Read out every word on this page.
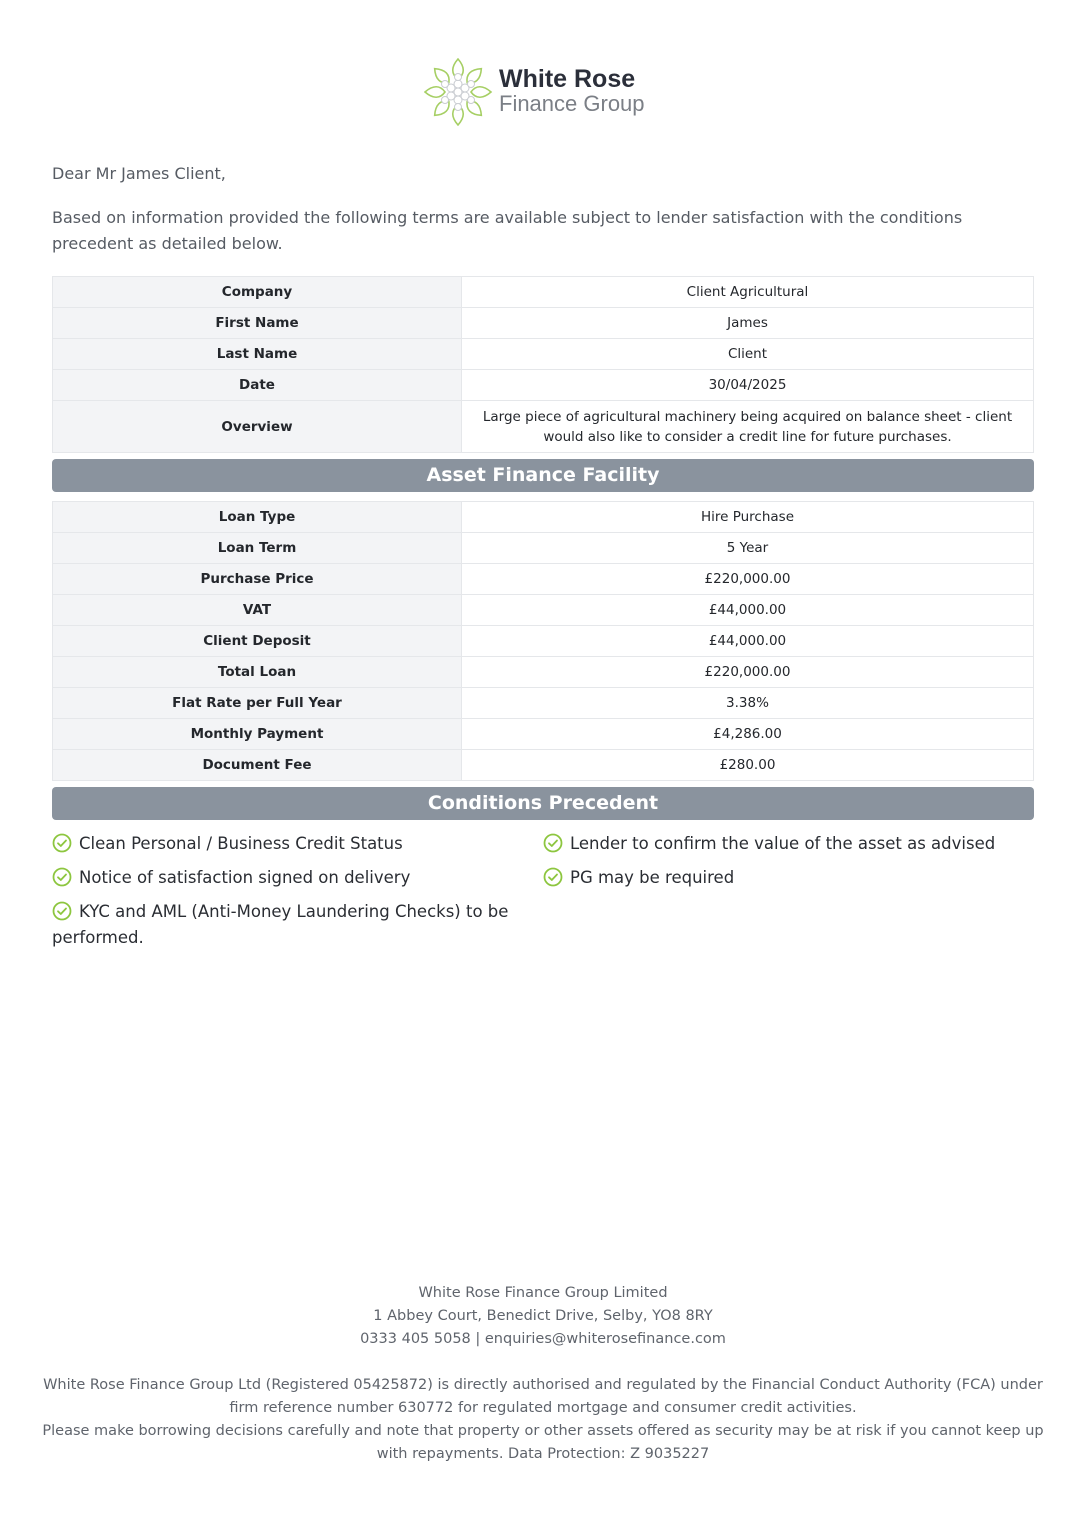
White Rose
Finance Group
Dear Mr James Client,
Based on information provided the following terms are available subject to lender satisfaction with the conditions precedent as detailed below.
Company	Client Agricultural
First Name	James
Last Name	Client
Date	30/04/2025
Overview	Large piece of agricultural machinery being acquired on balance sheet - client would also like to consider a credit line for future purchases.
Asset Finance Facility
Loan Type	Hire Purchase
Loan Term	5 Year
Purchase Price	£220,000.00
VAT	£44,000.00
Client Deposit	£44,000.00
Total Loan	£220,000.00
Flat Rate per Full Year	3.38%
Monthly Payment	£4,286.00
Document Fee	£280.00
Conditions Precedent
Clean Personal / Business Credit Status	Lender to confirm the value of the asset as advised
Notice of satisfaction signed on delivery	PG may be required
KYC and AML (Anti-Money Laundering Checks) to be performed.
White Rose Finance Group Limited
1 Abbey Court, Benedict Drive, Selby, YO8 8RY
0333 405 5058 | enquiries@whiterosefinance.com
White Rose Finance Group Ltd (Registered 05425872) is directly authorised and regulated by the Financial Conduct Authority (FCA) under firm reference number 630772 for regulated mortgage and consumer credit activities.
Please make borrowing decisions carefully and note that property or other assets offered as security may be at risk if you cannot keep up with repayments. Data Protection: Z 9035227
